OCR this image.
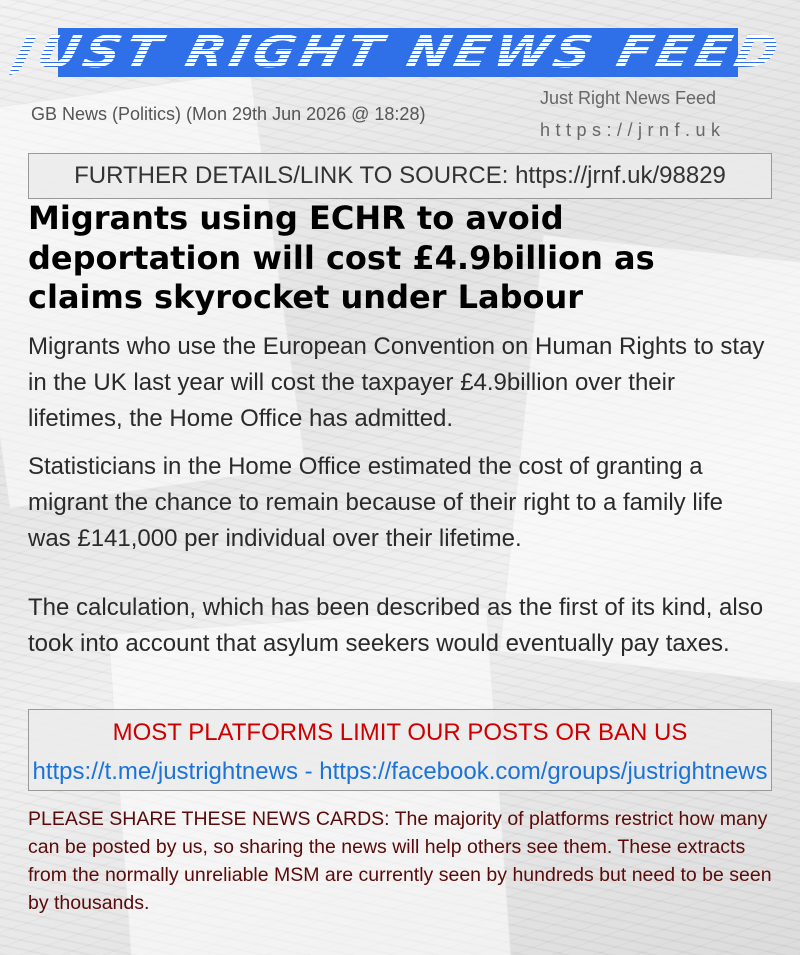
JUST RIGHT NEWS FEED
GB News (Politics) (Mon 29th Jun 2026 @ 18:28)
Just Right News Feed
https://jrnf.uk
FURTHER DETAILS/LINK TO SOURCE: https://jrnf.uk/98829
Migrants using ECHR to avoid deportation will cost £4.9billion as claims skyrocket under Labour
Migrants who use the European Convention on Human Rights to stay in the UK last year will cost the taxpayer £4.9billion over their lifetimes, the Home Office has admitted.
Statisticians in the Home Office estimated the cost of granting a migrant the chance to remain because of their right to a family life was £141,000 per individual over their lifetime.
The calculation, which has been described as the first of its kind, also took into account that asylum seekers would eventually pay taxes.
MOST PLATFORMS LIMIT OUR POSTS OR BAN US
https://t.me/justrightnews - https://facebook.com/groups/justrightnews
PLEASE SHARE THESE NEWS CARDS: The majority of platforms restrict how many can be posted by us, so sharing the news will help others see them. These extracts from the normally unreliable MSM are currently seen by hundreds but need to be seen by thousands.
